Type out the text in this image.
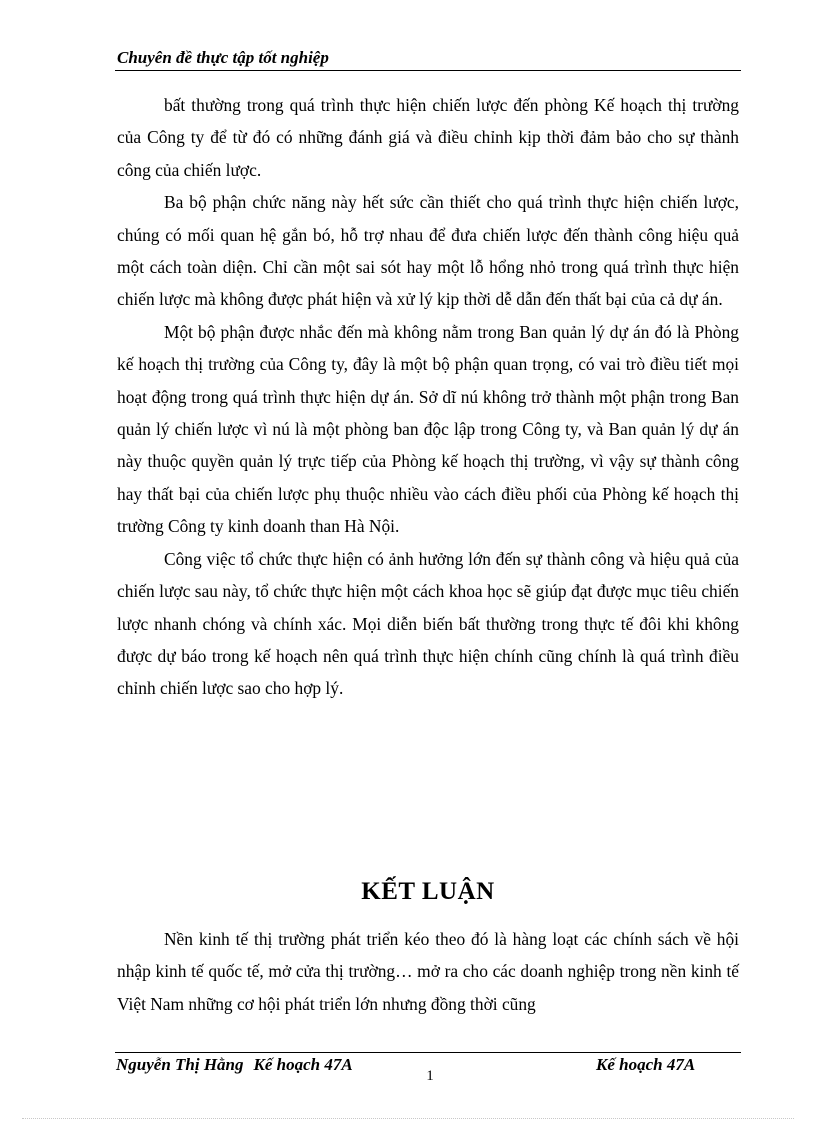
Chuyên đề thực tập tốt nghiệp

bất thường trong quá trình thực hiện chiến lược đến phòng Kế hoạch thị trường của Công ty để từ đó có những đánh giá và điều chỉnh kịp thời đảm bảo cho sự thành công của chiến lược.

Ba bộ phận chức năng này hết sức cần thiết cho quá trình thực hiện chiến lược, chúng có mối quan hệ gắn bó, hỗ trợ nhau để đưa chiến lược đến thành công hiệu quả một cách toàn diện. Chỉ cần một sai sót hay một lỗ hổng nhỏ trong quá trình thực hiện chiến lược mà không được phát hiện và xử lý kịp thời dễ dẫn đến thất bại của cả dự án.

Một bộ phận được nhắc đến mà không nằm trong Ban quản lý dự án đó là Phòng kế hoạch thị trường của Công ty, đây là một bộ phận quan trọng, có vai trò điều tiết mọi hoạt động trong quá trình thực hiện dự án. Sở dĩ nú không trở thành một phận trong Ban quản lý chiến lược vì nú là một phòng ban độc lập trong Công ty, và Ban quản lý dự án này thuộc quyền quản lý trực tiếp của Phòng kế hoạch thị trường, vì vậy sự thành công hay thất bại của chiến lược phụ thuộc nhiều vào cách điều phối của Phòng kế hoạch thị trường Công ty kinh doanh than Hà Nội.

Công việc tổ chức thực hiện có ảnh hưởng lớn đến sự thành công và hiệu quả của chiến lược sau này, tổ chức thực hiện một cách khoa học sẽ giúp đạt được mục tiêu chiến lược nhanh chóng và chính xác. Mọi diễn biến bất thường trong thực tế đôi khi không được dự báo trong kế hoạch nên quá trình thực hiện chính cũng chính là quá trình điều chỉnh chiến lược sao cho hợp lý.

KẾT LUẬN

Nền kinh tế thị trường phát triển kéo theo đó là hàng loạt các chính sách về hội nhập kinh tế quốc tế, mở cửa thị trường… mở ra cho các doanh nghiệp trong nền kinh tế Việt Nam những cơ hội phát triển lớn nhưng đồng thời cũng

Nguyễn Thị Hằng Kế hoạch 47A
1
Kế hoạch 47A
